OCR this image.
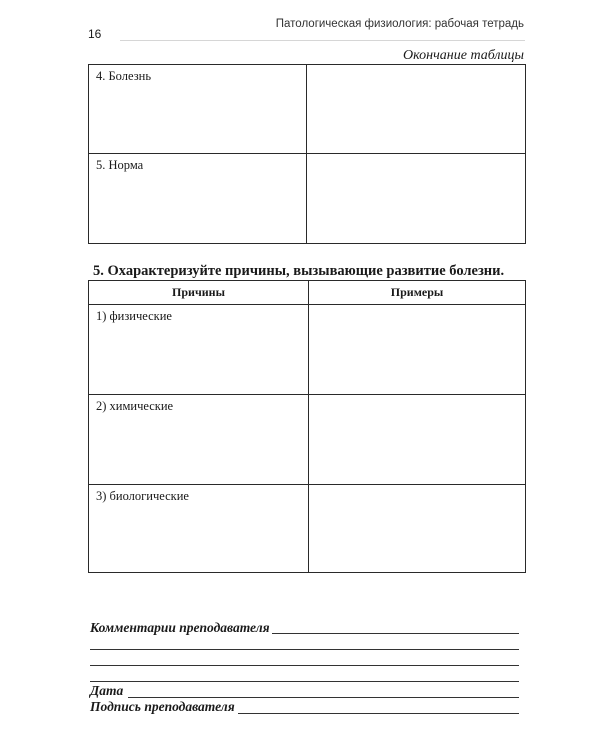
16
Патологическая физиология: рабочая тетрадь
Окончание таблицы
4. Болезнь	

5. Норма	

5. Охарактеризуйте причины, вызывающие развитие болезни.
Причины	Примеры

1) физические	

2) химические	

3) биологические	

Комментарии преподавателя
Дата
Подпись преподавателя
